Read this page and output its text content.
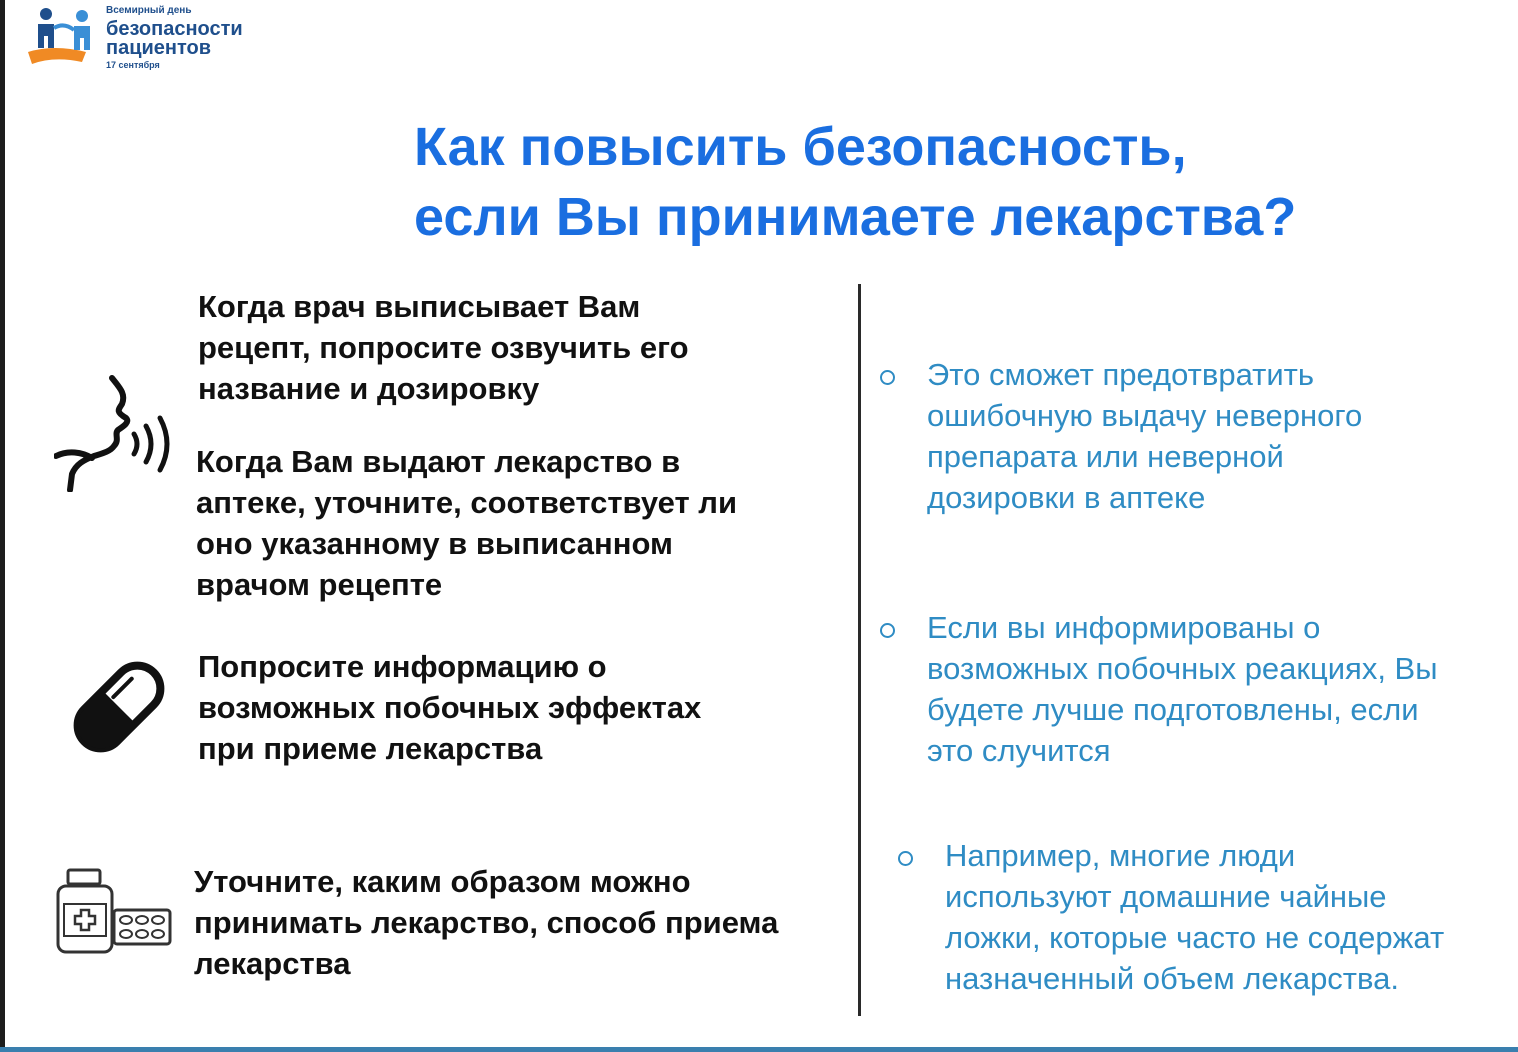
Всемирный день
безопасности
пациентов
17 сентября
Как повысить безопасность,
если Вы принимаете лекарства?

Когда врач выписывает Вам
рецепт, попросите озвучить его
название и дозировку

Когда Вам выдают лекарство в
аптеке, уточните, соответствует ли
оно указанному в выписанном
врачом рецепте

Попросите информацию о
возможных побочных эффектах
при приеме лекарства

Уточните, каким образом можно
принимать лекарство, способ приема
лекарства

Это сможет предотвратить
ошибочную выдачу неверного
препарата или неверной
дозировки в аптеке

Если вы информированы о
возможных побочных реакциях, Вы
будете лучше подготовлены, если
это случится

Например, многие люди
используют домашние чайные
ложки, которые часто не содержат
назначенный объем лекарства.
